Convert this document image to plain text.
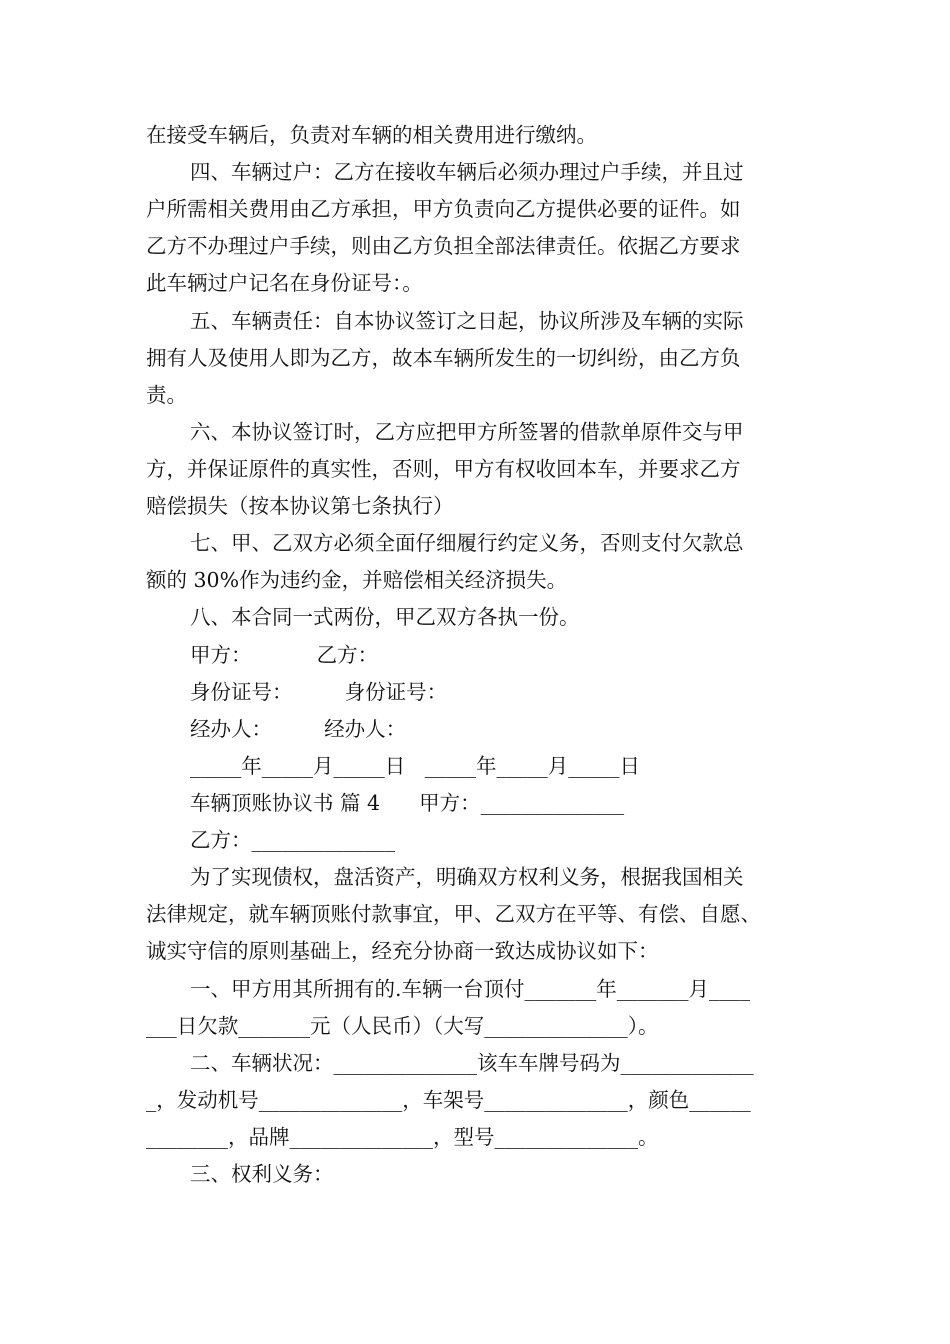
在接受车辆后，负责对车辆的相关费用进行缴纳。
四、车辆过户：乙方在接收车辆后必须办理过户手续，并且过
户所需相关费用由乙方承担，甲方负责向乙方提供必要的证件。如
乙方不办理过户手续，则由乙方负担全部法律责任。依据乙方要求
此车辆过户记名在身份证号：。
五、车辆责任：自本协议签订之日起，协议所涉及车辆的实际
拥有人及使用人即为乙方，故本车辆所发生的一切纠纷，由乙方负
责。
六、本协议签订时，乙方应把甲方所签署的借款单原件交与甲
方，并保证原件的真实性，否则，甲方有权收回本车，并要求乙方
赔偿损失（按本协议第七条执行）
七、甲、乙双方必须全面仔细履行约定义务，否则支付欠款总
额的 30%作为违约金，并赔偿相关经济损失。
八、本合同一式两份，甲乙双方各执一份。
甲方：          乙方：
身份证号：        身份证号：
经办人：        经办人：
_____年_____月_____日   _____年_____月_____日
车辆顶账协议书 篇 4      甲方：______________
乙方：______________
为了实现债权，盘活资产，明确双方权利义务，根据我国相关
法律规定，就车辆顶账付款事宜，甲、乙双方在平等、有偿、自愿、
诚实守信的原则基础上，经充分协商一致达成协议如下：
一、甲方用其所拥有的.车辆一台顶付_______年_______月____
___日欠款_______元（人民币）（大写______________）。
二、车辆状况：______________该车车牌号码为_____________
_，发动机号______________，车架号______________，颜色______
________，品牌______________，型号______________。
三、权利义务：
